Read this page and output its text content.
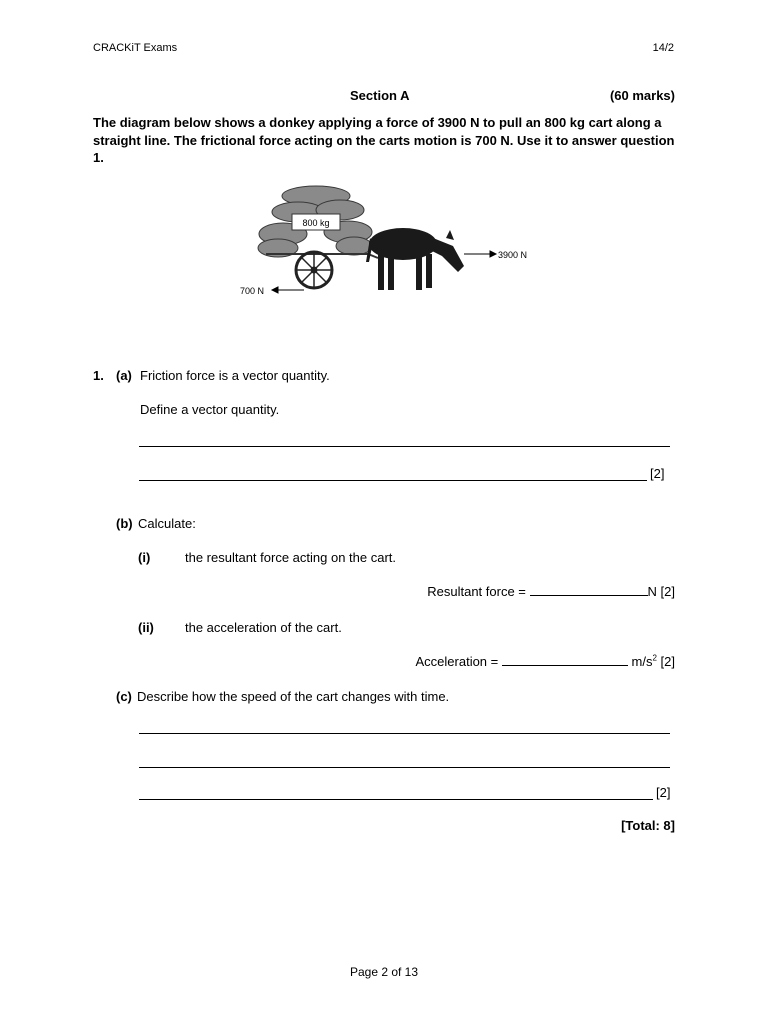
CRACKiT Exams	14/2
Section A	(60 marks)
The diagram below shows a donkey applying a force of 3900 N to pull an 800 kg cart along a straight line. The frictional force acting on the carts motion is 700 N. Use it to answer question 1.
800 kg
3900 N
700 N
1. (a) Friction force is a vector quantity.
Define a vector quantity.
[2]
(b) Calculate:
(i)	the resultant force acting on the cart.
Resultant force =	N [2]
(ii) the acceleration of the cart.
Acceleration =	$m/s^2$ [2]
(c) Describe how the speed of the cart changes with time.
[2]
[Total: 8]
Page 2 of 13
